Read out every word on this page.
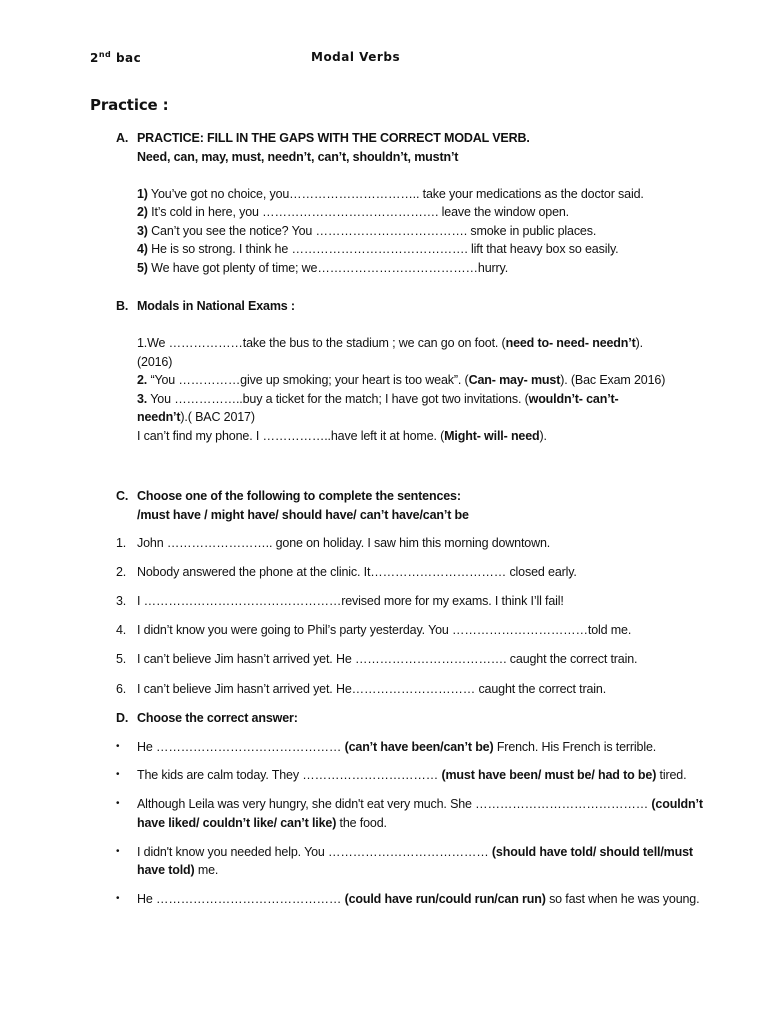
2nd bac	Modal Verbs
Practice :
A. PRACTICE: FILL IN THE GAPS WITH THE CORRECT MODAL VERB.
Need, can, may, must, needn’t, can’t, shouldn’t, mustn’t
1) You’ve got no choice, you………………………….. take your medications as the doctor said.
2) It’s cold in here, you ……………………………………. leave the window open.
3) Can’t you see the notice? You ………………………………. smoke in public places.
4) He is so strong. I think he ……………………………………. lift that heavy box so easily.
5) We have got plenty of time; we…………………………………hurry.
B. Modals in National Exams :
1.We ………………take the bus to the stadium ; we can go on foot. (need to- need- needn’t).
(2016)
2. “You ……………give up smoking; your heart is too weak”. (Can- may- must). (Bac Exam 2016)
3. You ……………..buy a ticket for the match; I have got two invitations. (wouldn’t- can’t-
needn’t).( BAC 2017)
I can’t find my phone. I ……………..have left it at home. (Might- will- need).
C. Choose one of the following to complete the sentences:
/must have / might have/ should have/ can’t have/can’t be
1. John …………………….. gone on holiday. I saw him this morning downtown.
2. Nobody answered the phone at the clinic. It…………………………… closed early.
3. I …………………………………………revised more for my exams. I think I’ll fail!
4. I didn’t know you were going to Phil’s party yesterday. You ……………………………told me.
5. I can’t believe Jim hasn’t arrived yet. He ………………………………. caught the correct train.
6. I can’t believe Jim hasn’t arrived yet. He………………………… caught the correct train.
D. Choose the correct answer:
• He ……………………………………… (can’t have been/can’t be) French. His French is terrible.
• The kids are calm today. They …………………………… (must have been/ must be/ had to be) tired.
• Although Leila was very hungry, she didn't eat very much. She …………………………………… (couldn’t
have liked/ couldn’t like/ can’t like) the food.
• I didn't know you needed help. You ………………………………… (should have told/ should tell/must
have told) me.
• He ……………………………………… (could have run/could run/can run) so fast when he was young.
